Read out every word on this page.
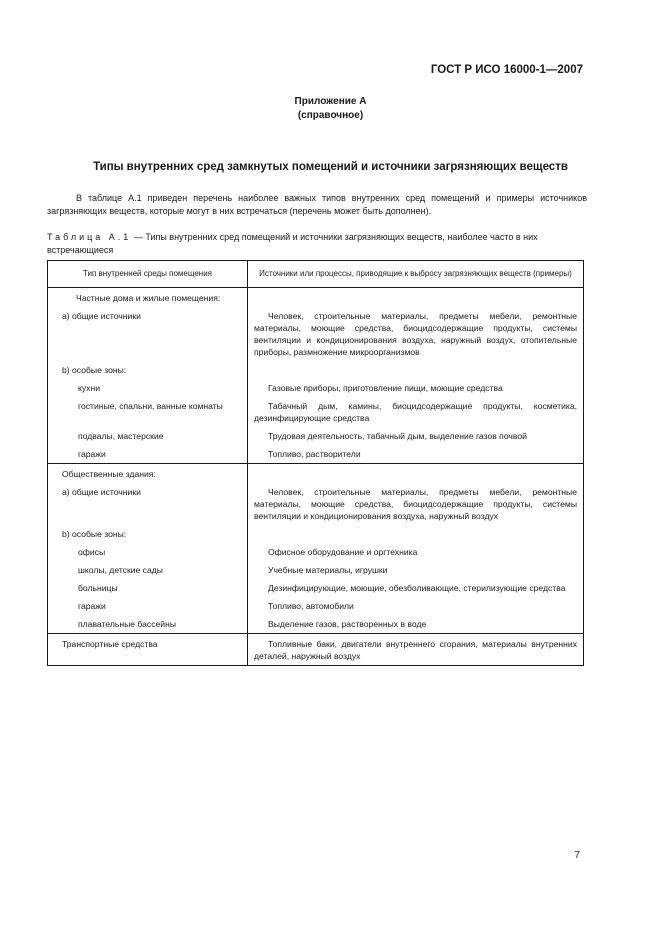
ГОСТ Р ИСО 16000-1—2007
Приложение А
(справочное)
Типы внутренних сред замкнутых помещений и источники загрязняющих веществ
В таблице А.1 приведен перечень наиболее важных типов внутренних сред помещений и примеры источников загрязняющих веществ, которые могут в них встречаться (перечень может быть дополнен).
Таблица А.1 — Типы внутренних сред помещений и источники загрязняющих веществ, наиболее часто в них встречающиеся
Тип внутренней среды помещения	Источники или процессы, приводящие к выбросу загрязняющих веществ (примеры)
Частные дома и жилые помещения:	
а) общие источники	Человек, строительные материалы, предметы мебели, ремонтные материалы, моющие средства, биоцидсодержащие продукты, системы вентиляции и кондиционирования воздуха, наружный воздух, отопительные приборы, размножение микроорганизмов
b) особые зоны:	
кухни	Газовые приборы, приготовление пищи, моющие средства
гостиные, спальни, ванные комнаты	Табачный дым, камины, биоцидсодержащие продукты, косметика, дезинфицирующие средства
подвалы, мастерские	Трудовая деятельность, табачный дым, выделение газов почвой
гаражи	Топливо, растворители
Общественные здания:	
а) общие источники	Человек, строительные материалы, предметы мебели, ремонтные материалы, моющие средства, биоцидсодержащие продукты, системы вентиляции и кондиционирования воздуха, наружный воздух
b) особые зоны:	
офисы	Офисное оборудование и оргтехника
школы, детские сады	Учебные материалы, игрушки
больницы	Дезинфицирующие, моющие, обезболивающие, стерилизующие средства
гаражи	Топливо, автомобили
плавательные бассейны	Выделение газов, растворенных в воде
Транспортные средства	Топливные баки, двигатели внутреннего сгорания, материалы внутренних деталей, наружный воздух
7
